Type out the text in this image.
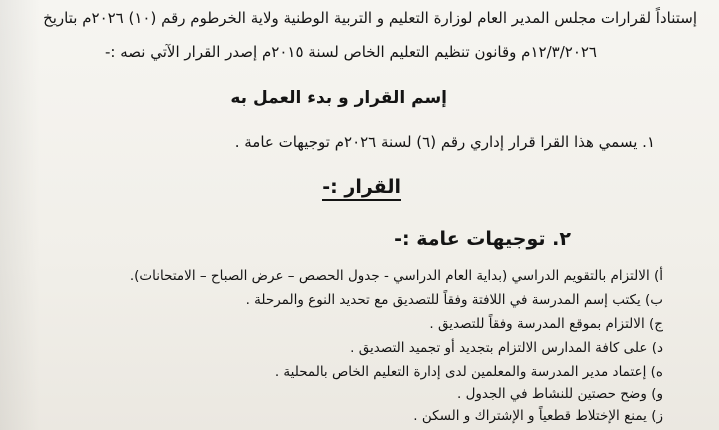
إستناداً لقرارات مجلس المدير العام لوزارة التعليم و التربية الوطنية ولاية الخرطوم رقم (١٠) ٢٠٢٦م بتاريخ
١٢/٣/٢٠٢٦م وقانون تنظيم التعليم الخاص لسنة ٢٠١٥م إصدر القرار الآتي نصه :-
إسم القرار و بدء العمل به
١. يسمي هذا القرا قرار إداري رقم (٦) لسنة ٢٠٢٦م توجيهات عامة .
القرار :-
٢. توجيهات عامة :-
أ) الالتزام بالتقويم الدراسي (بداية العام الدراسي - جدول الحصص – عرض الصباح – الامتحانات).
ب) يكتب إسم المدرسة في اللافتة وفقاً للتصديق مع تحديد النوع والمرحلة .
ج) الالتزام بموقع المدرسة وفقاً للتصديق .
د) على كافة المدارس الالتزام بتجديد أو تجميد التصديق .
ه) إعتماد مدير المدرسة والمعلمين لدى إدارة التعليم الخاص بالمحلية .
و) وضح حصتين للنشاط في الجدول .
ز) يمنع الإختلاط قطعياً و الإشتراك و السكن .
